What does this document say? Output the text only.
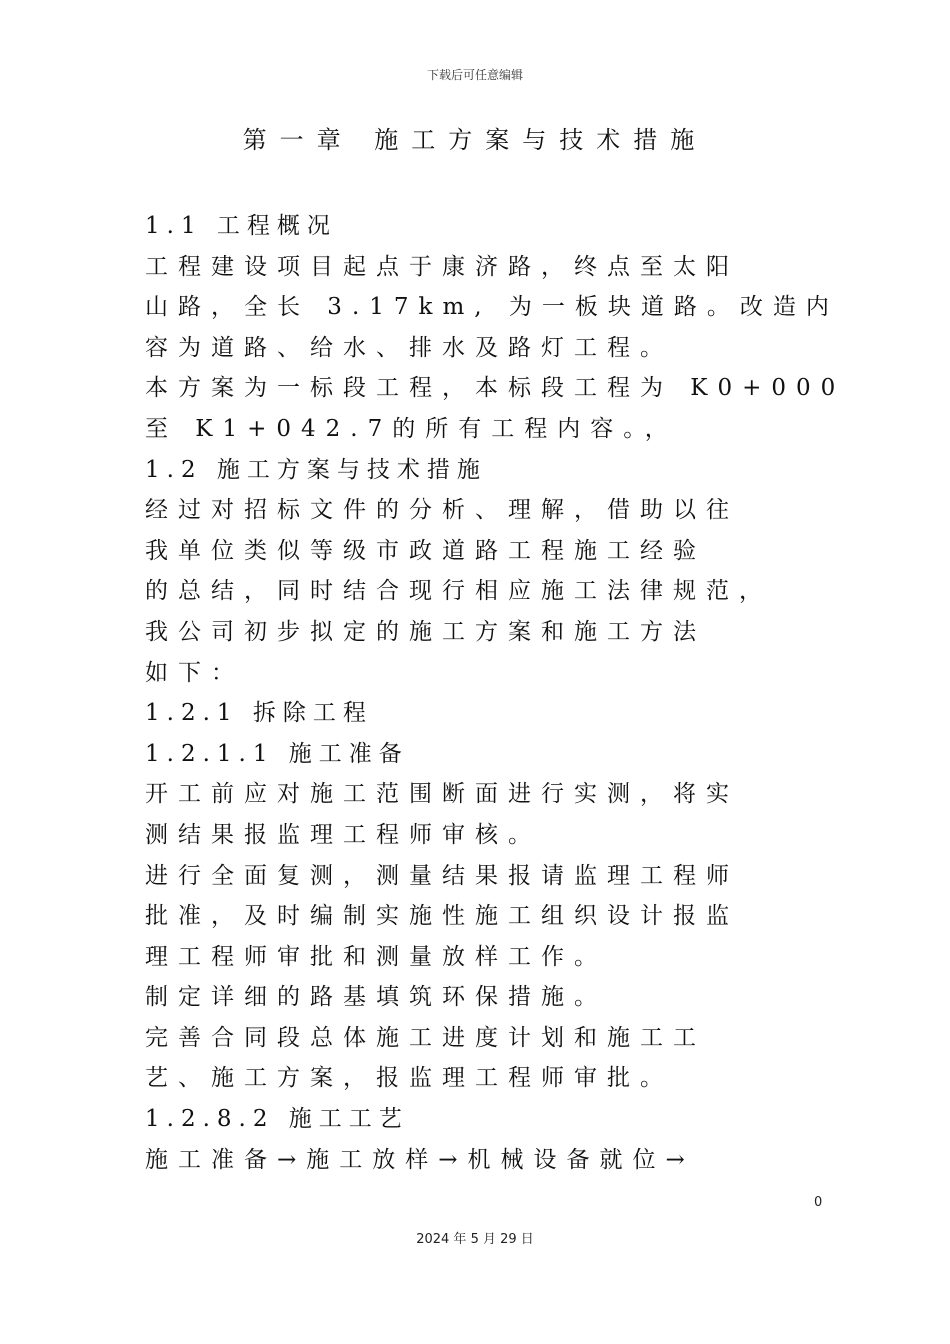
下载后可任意编辑
第一章 施工方案与技术措施
1.1 工程概况
工程建设项目起点于康济路，终点至太阳
山路，全长 3.17km, 为一板块道路。改造内
容为道路、给水、排水及路灯工程。
本方案为一标段工程，本标段工程为 K0+000
至 K1+042.7的所有工程内容。，
1.2 施工方案与技术措施
经过对招标文件的分析、理解，借助以往
我单位类似等级市政道路工程施工经验
的总结，同时结合现行相应施工法律规范，
我公司初步拟定的施工方案和施工方法
如下：
1.2.1 拆除工程
1.2.1.1 施工准备
开工前应对施工范围断面进行实测，将实
测结果报监理工程师审核。
进行全面复测，测量结果报请监理工程师
批准，及时编制实施性施工组织设计报监
理工程师审批和测量放样工作。
制定详细的路基填筑环保措施。
完善合同段总体施工进度计划和施工工
艺、施工方案，报监理工程师审批。
1.2.8.2 施工工艺
施工准备→施工放样→机械设备就位→
0
2024 年 5 月 29 日
